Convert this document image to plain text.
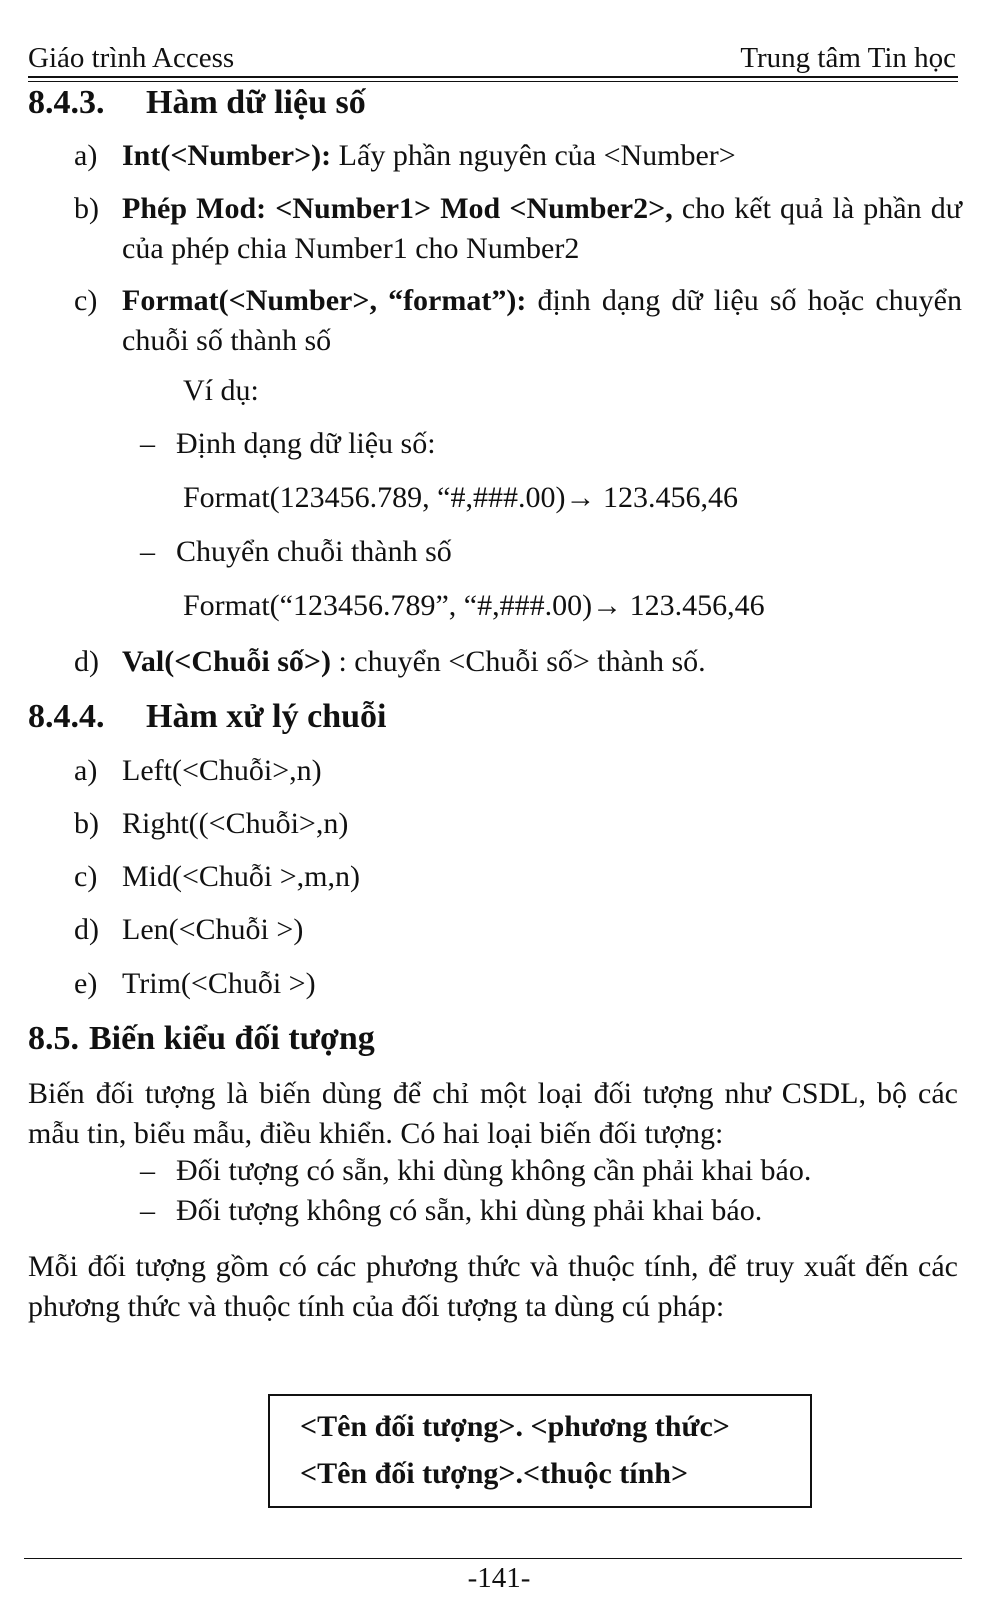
Giáo trình Access	Trung tâm Tin học
8.4.3. Hàm dữ liệu số
a) Int(<Number>): Lấy phần nguyên của <Number>
b) Phép Mod: <Number1> Mod <Number2>, cho kết quả là phần dư của phép chia Number1 cho Number2
c) Format(<Number>, “format”): định dạng dữ liệu số hoặc chuyển chuỗi số thành số
Ví dụ:
– Định dạng dữ liệu số:
Format(123456.789, “#,###.00)→ 123.456,46
– Chuyển chuỗi thành số
Format(“123456.789”, “#,###.00)→ 123.456,46
d) Val(<Chuỗi số>) : chuyển <Chuỗi số> thành số.
8.4.4. Hàm xử lý chuỗi
a) Left(<Chuỗi>,n)
b) Right((<Chuỗi>,n)
c) Mid(<Chuỗi >,m,n)
d) Len(<Chuỗi >)
e) Trim(<Chuỗi >)
8.5. Biến kiểu đối tượng
Biến đối tượng là biến dùng để chỉ một loại đối tượng như CSDL, bộ các mẫu tin, biểu mẫu, điều khiển. Có hai loại biến đối tượng:
– Đối tượng có sẵn, khi dùng không cần phải khai báo.
– Đối tượng không có sẵn, khi dùng phải khai báo.
Mỗi đối tượng gồm có các phương thức và thuộc tính, để truy xuất đến các phương thức và thuộc tính của đối tượng ta dùng cú pháp:
<Tên đối tượng>. <phương thức>
<Tên đối tượng>.<thuộc tính>
-141-
